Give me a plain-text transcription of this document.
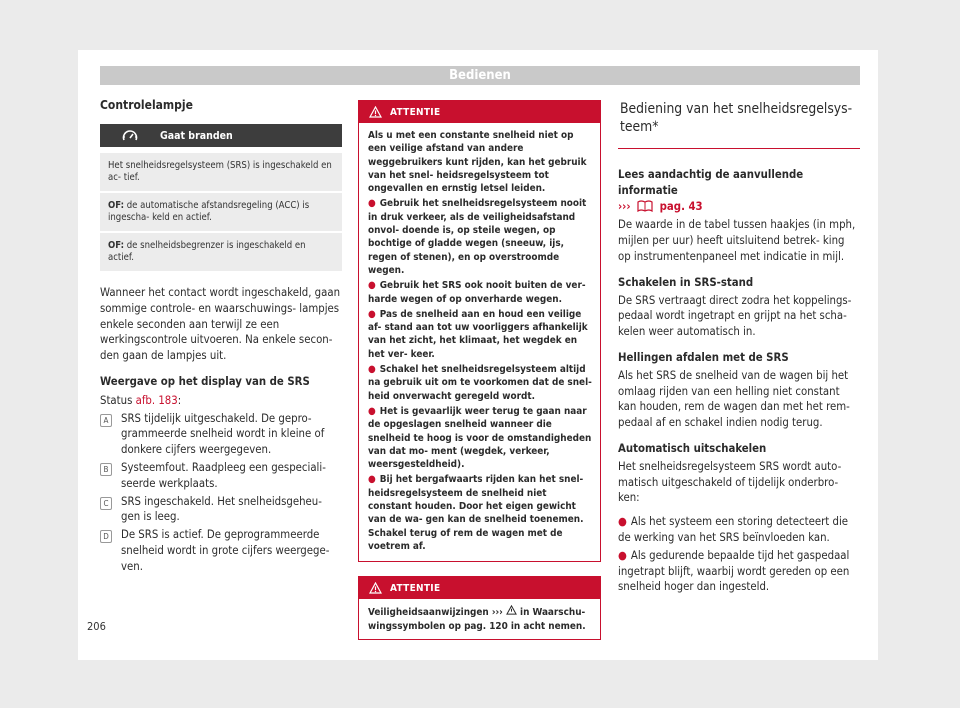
Bedienen
Controlelampje
Gaat branden
Het snelheidsregelsysteem (SRS) is ingeschakeld en ac- tief.
OF: de automatische afstandsregeling (ACC) is ingescha- keld en actief.
OF: de snelheidsbegrenzer is ingeschakeld en actief.

Wanneer het contact wordt ingeschakeld, gaan sommige controle- en waarschuwings- lampjes enkele seconden aan terwijl ze een werkingscontrole uitvoeren. Na enkele secon- den gaan de lampjes uit.

Weergave op het display van de SRS

Status afb. 183:

A	SRS tijdelijk uitgeschakeld. De gepro- grammeerde snelheid wordt in kleine of donkere cijfers weergegeven.
B	Systeemfout. Raadpleeg een gespeciali- seerde werkplaats.
C	SRS ingeschakeld. Het snelheidsgeheu- gen is leeg.
D De SRS is actief. De geprogrammeerde snelheid wordt in grote cijfers weergege- ven.
ATTENTIE
Als u met een constante snelheid niet op een veilige afstand van andere weggebruikers kunt rijden, kan het gebruik van het snel- heidsregelsysteem tot ongevallen en ernstig letsel leiden.
● Gebruik het snelheidsregelsysteem nooit in druk verkeer, als de veiligheidsafstand onvol- doende is, op steile wegen, op bochtige of gladde wegen (sneeuw, ijs, regen of stenen), en op overstroomde wegen.
● Gebruik het SRS ook nooit buiten de ver- harde wegen of op onverharde wegen.
● Pas de snelheid aan en houd een veilige af- stand aan tot uw voorliggers afhankelijk van het zicht, het klimaat, het wegdek en het ver- keer.
● Schakel het snelheidsregelsysteem altijd na gebruik uit om te voorkomen dat de snel- heid onverwacht geregeld wordt.
● Het is gevaarlijk weer terug te gaan naar de opgeslagen snelheid wanneer die snelheid te hoog is voor de omstandigheden van dat mo- ment (wegdek, verkeer, weersgesteldheid).
● Bij het bergafwaarts rijden kan het snel- heidsregelsysteem de snelheid niet constant houden. Door het eigen gewicht van de wa- gen kan de snelheid toenemen. Schakel terug of rem de wagen met de voetrem af.
ATTENTIE
Veiligheidsaanwijzingen ››› in Waarschu- wingssymbolen op pag. 120 in acht nemen.
Bediening van het snelheidsregelsys- teem*

Lees aandachtig de aanvullende informatie
›››	pag. 43

De waarde in de tabel tussen haakjes (in mph, mijlen per uur) heeft uitsluitend betrek- king op instrumentenpaneel met indicatie in mijl.

Schakelen in SRS-stand

De SRS vertraagt direct zodra het koppelings- pedaal wordt ingetrapt en grijpt na het scha- kelen weer automatisch in.

Hellingen afdalen met de SRS

Als het SRS de snelheid van de wagen bij het omlaag rijden van een helling niet constant kan houden, rem de wagen dan met het rem- pedaal af en schakel indien nodig terug.

Automatisch uitschakelen

Het snelheidsregelsysteem SRS wordt auto- matisch uitgeschakeld of tijdelijk onderbro- ken:

● Als het systeem een storing detecteert die de werking van het SRS beïnvloeden kan.

● Als gedurende bepaalde tijd het gaspedaal ingetrapt blijft, waarbij wordt gereden op een snelheid hoger dan ingesteld.

206
